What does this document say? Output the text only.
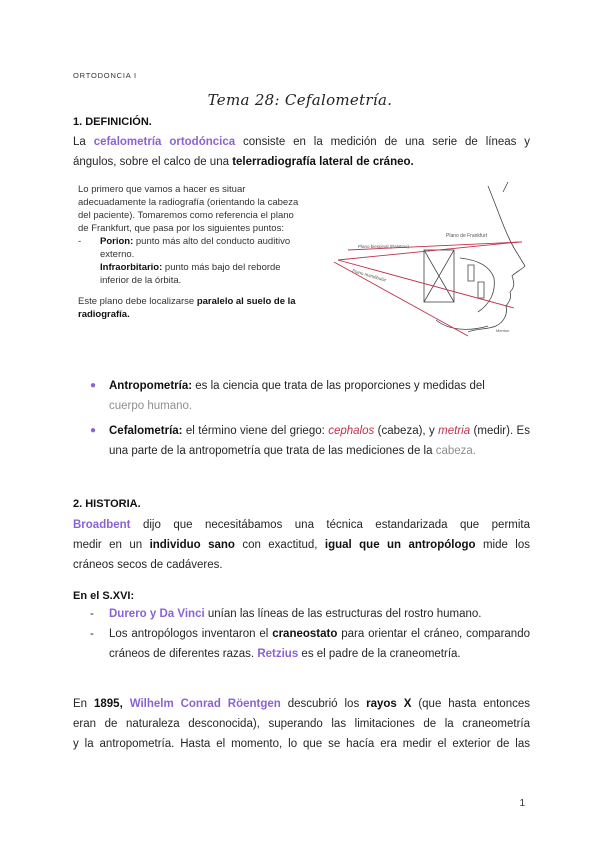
ORTODONCIA I
Tema 28: Cefalometría.
1. DEFINICIÓN.
La cefalometría ortodóncica consiste en la medición de una serie de líneas y
ángulos, sobre el calco de una telerradiografía lateral de cráneo.

Lo primero que vamos a hacer es situar adecuadamente la radiografía (orientando la cabeza del paciente). Tomaremos como referencia el plano de Frankfurt, que pasa por los siguientes puntos:

-	Porion: punto más alto del conducto auditivo externo.
Infraorbitario: punto más bajo del reborde inferior de la órbita.

Este plano debe localizarse paralelo al suelo de la radiografía.

Plano de Frankfurt
Plano biespinal (Palatino)
Plano mandibular
Menton
●	Antropometría: es la ciencia que trata de las proporciones y medidas del
cuerpo humano.
●	Cefalometría: el término viene del griego: cephalos (cabeza), y metria (medir). Es una parte de la antropometría que trata de las mediciones de la cabeza.
2. HISTORIA.
Broadbent dijo que necesitábamos una técnica estandarizada que permita
medir en un individuo sano con exactitud, igual que un antropólogo mide los
cráneos secos de cadáveres.
En el S.XVI:
-	Durero y Da Vinci unían las líneas de las estructuras del rostro humano.
-	Los antropólogos inventaron el craneostato para orientar el cráneo, comparando cráneos de diferentes razas. Retzius es el padre de la craneometría.
En 1895, Wilhelm Conrad Röentgen descubrió los rayos X (que hasta entonces
eran de naturaleza desconocida), superando las limitaciones de la craneometría
y la antropometría. Hasta el momento, lo que se hacía era medir el exterior de las
1
